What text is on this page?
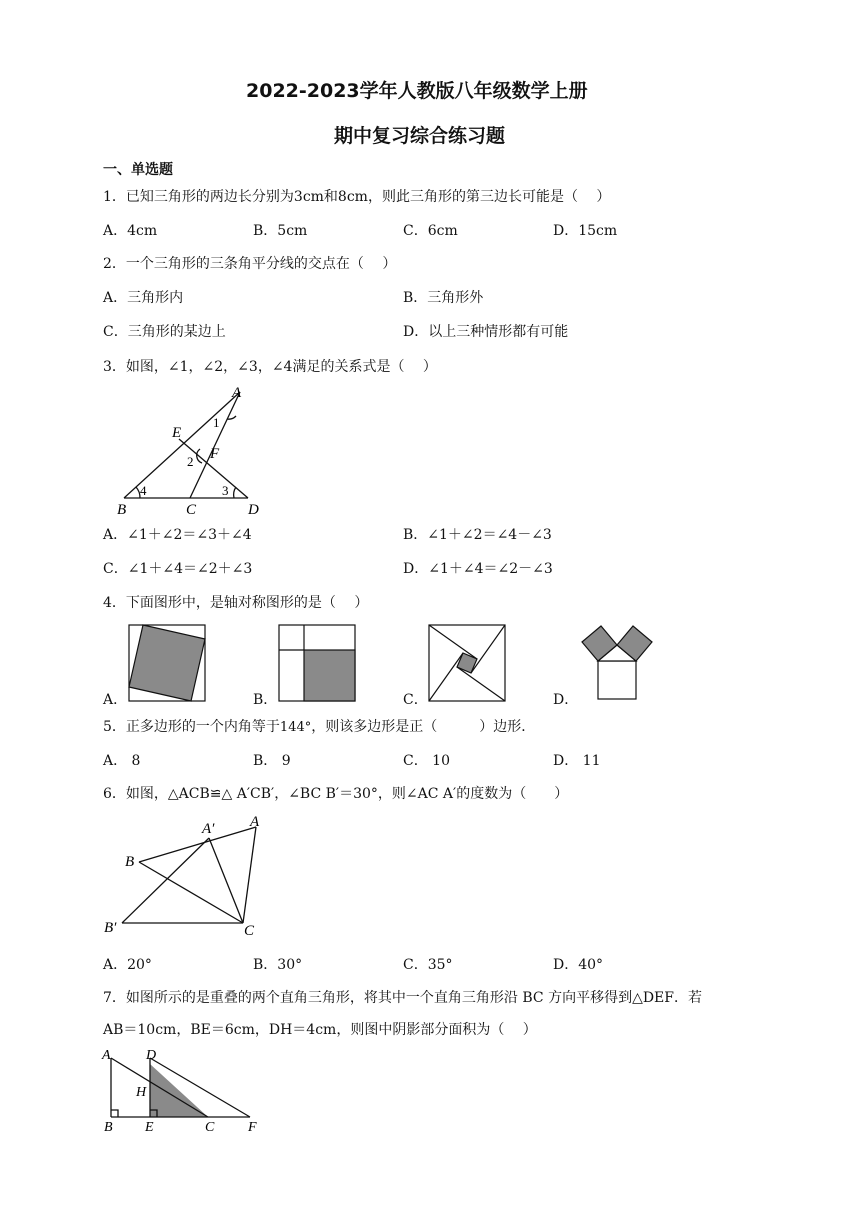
2022-2023学年人教版八年级数学上册
期中复习综合练习题
一、单选题
1．已知三角形的两边长分别为3cm和8cm，则此三角形的第三边长可能是（　 ）
A．4cm	B．5cm	C．6cm	D．15cm
2．一个三角形的三条角平分线的交点在（　 ）
A．三角形内	B．三角形外
C．三角形的某边上	D．以上三种情形都有可能
3．如图，∠1，∠2，∠3，∠4满足的关系式是（　 ）
A
E
F
B	C	D
1
2
3
4
A．∠1＋∠2＝∠3＋∠4	B．∠1＋∠2＝∠4－∠3
C．∠1＋∠4＝∠2＋∠3	D．∠1＋∠4＝∠2－∠3
4．下面图形中，是轴对称图形的是（　 ）
A．	B．	C．	D．
5．正多边形的一个内角等于144°，则该多边形是正（　　　）边形．
A． 8	B． 9	C． 10	D． 11
6．如图，△ACB≌△ A′CB′，∠BC B′＝30°，则∠AC A′的度数为（　　）
A′ A
B
B′	C
A．20°	B．30°	C．35°	D．40°
7．如图所示的是重叠的两个直角三角形，将其中一个直角三角形沿 BC 方向平移得到△DEF．若
AB＝10cm，BE＝6cm，DH＝4cm，则图中阴影部分面积为（　 ）
A	D
H
B E	C F
